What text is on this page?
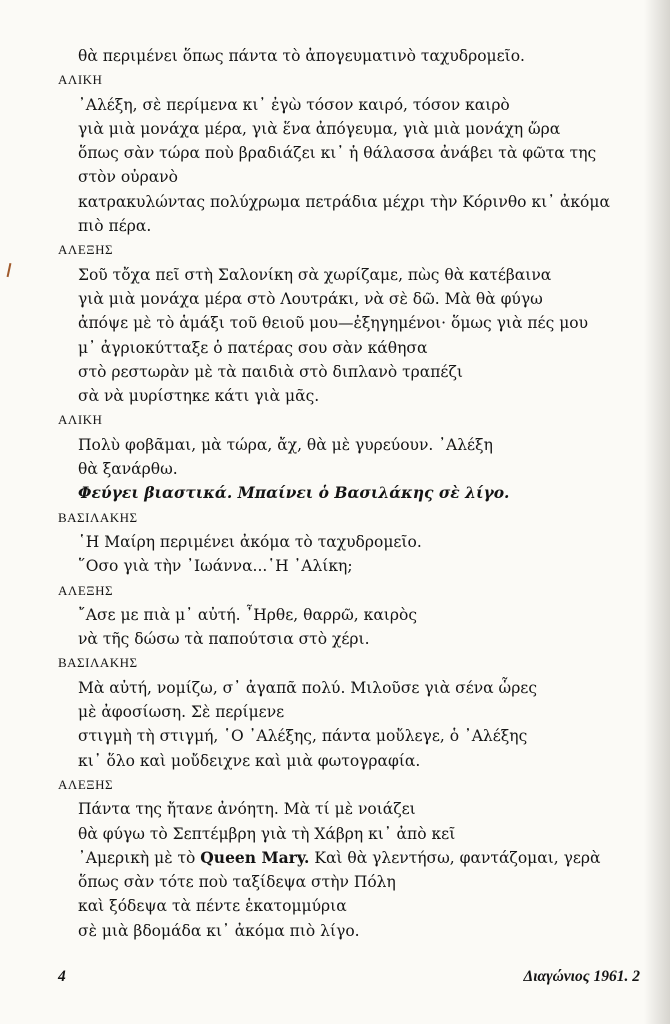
θὰ περιμένει ὅπως πάντα τὸ ἀπογευματινὸ ταχυδρομεῖο.
ΑΛΙΚΗ
᾿Αλέξη, σὲ περίμενα κι᾿ ἐγὼ τόσον καιρό, τόσον καιρὸ
γιὰ μιὰ μονάχα μέρα, γιὰ ἕνα ἀπόγευμα, γιὰ μιὰ μονάχη ὥρα
ὅπως σὰν τώρα ποὺ βραδιάζει κι᾿ ἡ θάλασσα ἀνάβει τὰ φῶτα της
στὸν οὐρανὸ
κατρακυλώντας πολύχρωμα πετράδια μέχρι τὴν Κόρινθο κι᾿ ἀκόμα
πιὸ πέρα.
ΑΛΕΞΗΣ
Σοῦ τὄχα πεῖ στὴ Σαλονίκη σὰ χωρίζαμε, πὼς θὰ κατέβαινα
γιὰ μιὰ μονάχα μέρα στὸ Λουτράκι, νὰ σὲ δῶ. Μὰ θὰ φύγω
ἀπόψε μὲ τὸ ἁμάξι τοῦ θειοῦ μου—ἐξηγημένοι· ὅμως γιὰ πές μου
μ᾿ ἀγριοκύτταξε ὁ πατέρας σου σὰν κάθησα
στὸ ρεστωρὰν μὲ τὰ παιδιὰ στὸ διπλανὸ τραπέζι
σὰ νὰ μυρίστηκε κάτι γιὰ μᾶς.
ΑΛΙΚΗ
Πολὺ φοβᾶμαι, μὰ τώρα, ἄχ, θὰ μὲ γυρεύουν. ᾿Αλέξη
θὰ ξανάρθω.
Φεύγει βιαστικά. Μπαίνει ὁ Βασιλάκης σὲ λίγο.
ΒΑΣΙΛΑΚΗΣ
῾Η Μαίρη περιμένει ἀκόμα τὸ ταχυδρομεῖο.
῞Οσο γιὰ τὴν ᾿Ιωάννα...῾Η ᾿Αλίκη;
ΑΛΕΞΗΣ
῎Ασε με πιὰ μ᾿ αὐτή. ῏Ηρθε, θαρρῶ, καιρὸς
νὰ τῆς δώσω τὰ παπούτσια στὸ χέρι.
ΒΑΣΙΛΑΚΗΣ
Μὰ αὐτή, νομίζω, σ᾿ ἀγαπᾶ πολύ. Μιλοῦσε γιὰ σένα ὧρες
μὲ ἀφοσίωση. Σὲ περίμενε
στιγμὴ τὴ στιγμή, ῾Ο ᾿Αλέξης, πάντα μοὔλεγε, ὁ ᾿Αλέξης
κι᾿ ὅλο καὶ μοὔδειχνε καὶ μιὰ φωτογραφία.
ΑΛΕΞΗΣ
Πάντα της ἤτανε ἀνόητη. Μὰ τί μὲ νοιάζει
θὰ φύγω τὸ Σεπτέμβρη γιὰ τὴ Χάβρη κι᾿ ἀπὸ κεῖ
᾿Αμερικὴ μὲ τὸ Queen Mary. Καὶ θὰ γλεντήσω, φαντάζομαι, γερὰ
ὅπως σὰν τότε ποὺ ταξίδεψα στὴν Πόλη
καὶ ξόδεψα τὰ πέντε ἑκατομμύρια
σὲ μιὰ βδομάδα κι᾿ ἀκόμα πιὸ λίγο.
4	Διαγώνιος 1961. 2
